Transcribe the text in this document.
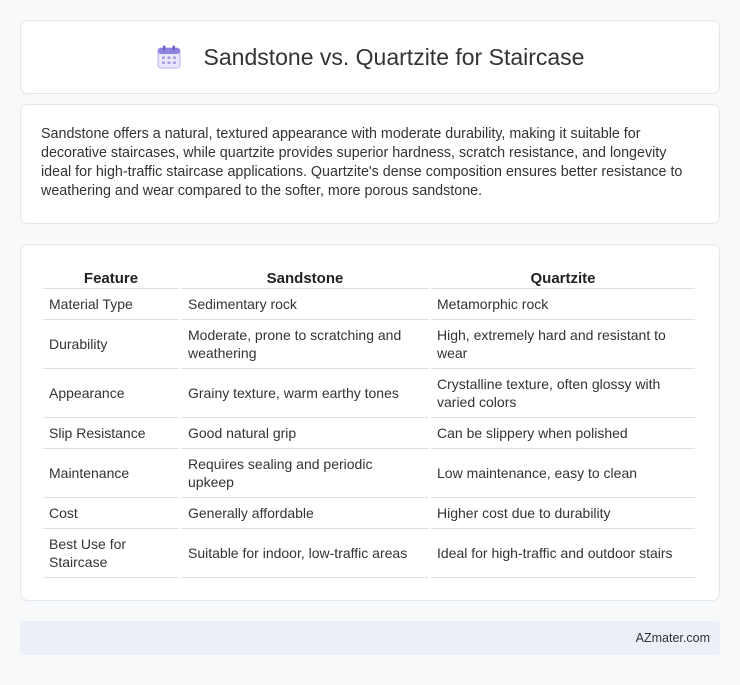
Sandstone vs. Quartzite for Staircase

Sandstone offers a natural, textured appearance with moderate durability, making it suitable for decorative staircases, while quartzite provides superior hardness, scratch resistance, and longevity ideal for high-traffic staircase applications. Quartzite's dense composition ensures better resistance to weathering and wear compared to the softer, more porous sandstone.

Feature	Sandstone	Quartzite
Material Type	Sedimentary rock	Metamorphic rock
Durability	Moderate, prone to scratching and weathering	High, extremely hard and resistant to wear
Appearance	Grainy texture, warm earthy tones	Crystalline texture, often glossy with varied colors
Slip Resistance	Good natural grip	Can be slippery when polished
Maintenance	Requires sealing and periodic upkeep	Low maintenance, easy to clean
Cost	Generally affordable	Higher cost due to durability
Best Use for Staircase	Suitable for indoor, low-traffic areas	Ideal for high-traffic and outdoor stairs
AZmater.com
